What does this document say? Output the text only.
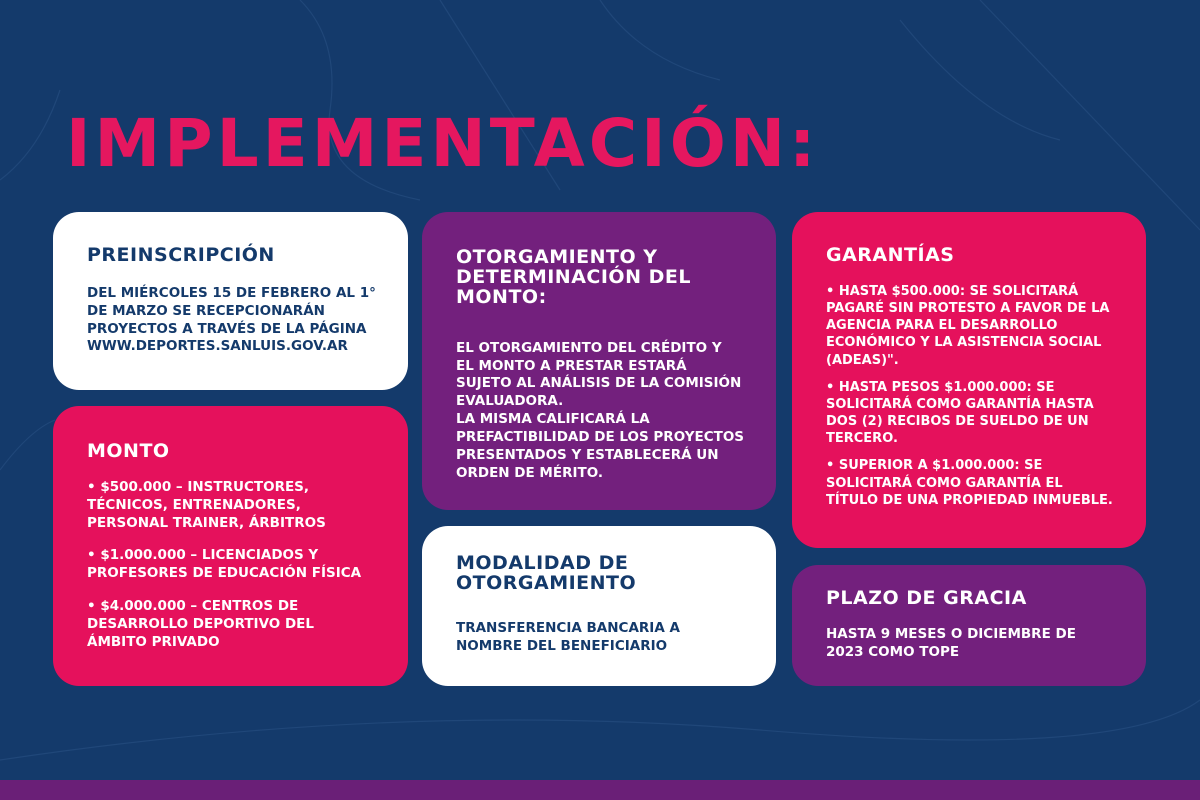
IMPLEMENTACIÓN:
PREINSCRIPCIÓN

DEL MIÉRCOLES 15 DE FEBRERO AL 1° DE MARZO SE RECEPCIONARÁN PROYECTOS A TRAVÉS DE LA PÁGINA WWW.DEPORTES.SANLUIS.GOV.AR

MONTO

• $500.000 – INSTRUCTORES, TÉCNICOS, ENTRENADORES, PERSONAL TRAINER, ÁRBITROS

• $1.000.000 – LICENCIADOS Y PROFESORES DE EDUCACIÓN FÍSICA

• $4.000.000 – CENTROS DE DESARROLLO DEPORTIVO DEL ÁMBITO PRIVADO

OTORGAMIENTO Y DETERMINACIÓN DEL MONTO:

EL OTORGAMIENTO DEL CRÉDITO Y EL MONTO A PRESTAR ESTARÁ SUJETO AL ANÁLISIS DE LA COMISIÓN EVALUADORA.

LA MISMA CALIFICARÁ LA PREFACTIBILIDAD DE LOS PROYECTOS PRESENTADOS Y ESTABLECERÁ UN ORDEN DE MÉRITO.

MODALIDAD DE OTORGAMIENTO

TRANSFERENCIA BANCARIA A NOMBRE DEL BENEFICIARIO

GARANTÍAS

• HASTA $500.000: SE SOLICITARÁ PAGARÉ SIN PROTESTO A FAVOR DE LA AGENCIA PARA EL DESARROLLO ECONÓMICO Y LA ASISTENCIA SOCIAL (ADEAS)".

• HASTA PESOS $1.000.000: SE SOLICITARÁ COMO GARANTÍA HASTA DOS (2) RECIBOS DE SUELDO DE UN TERCERO.

• SUPERIOR A $1.000.000: SE SOLICITARÁ COMO GARANTÍA EL TÍTULO DE UNA PROPIEDAD INMUEBLE.

PLAZO DE GRACIA

HASTA 9 MESES O DICIEMBRE DE 2023 COMO TOPE
